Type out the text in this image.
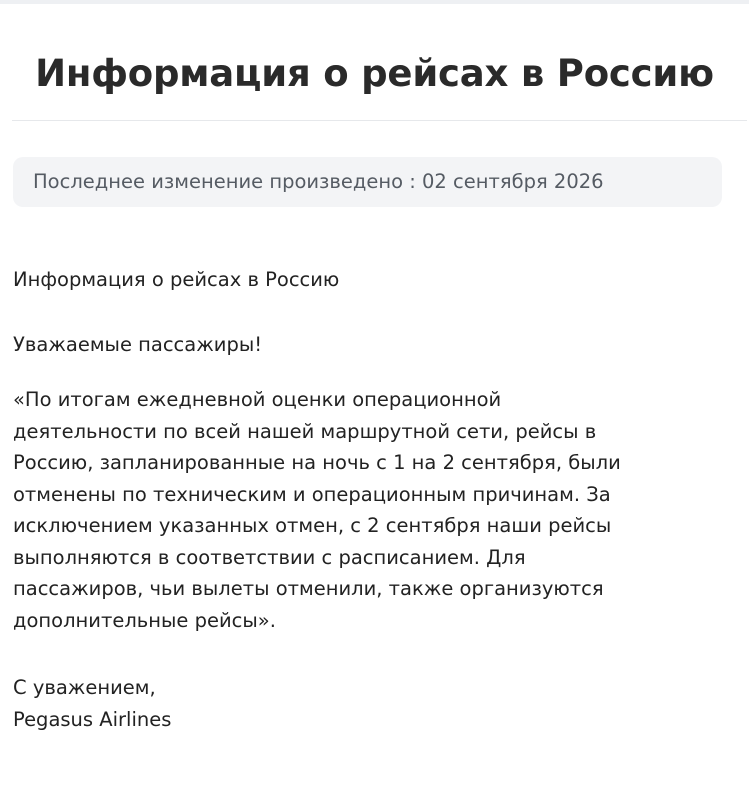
Информация о рейсах в Россию
Последнее изменение произведено : 02 сентября 2026

Информация о рейсах в Россию

Уважаемые пассажиры!

«По итогам ежедневной оценки операционной

деятельности по всей нашей маршрутной сети, рейсы в

Россию, запланированные на ночь с 1 на 2 сентября, были

отменены по техническим и операционным причинам. За

исключением указанных отмен, с 2 сентября наши рейсы

выполняются в соответствии с расписанием. Для

пассажиров, чьи вылеты отменили, также организуются

дополнительные рейсы».

С уважением,

Pegasus Airlines
